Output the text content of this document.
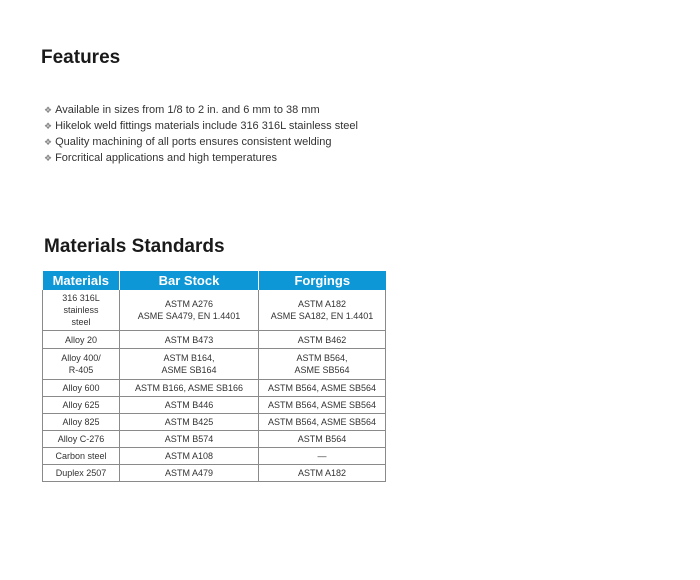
Features
❖ Available in sizes from 1/8 to 2 in. and 6 mm to 38 mm
❖ Hikelok weld fittings materials include 316 316L stainless steel
❖ Quality machining of all ports ensures consistent welding
❖ Forcritical applications and high temperatures
Materials Standards
Materials	Bar Stock	Forgings
316 316L
stainless
steel	ASTM A276
ASME SA479, EN 1.4401	ASTM A182
ASME SA182, EN 1.4401
Alloy 20	ASTM B473	ASTM B462
Alloy 400/
R-405	ASTM B164,
ASME SB164	ASTM B564,
ASME SB564
Alloy 600	ASTM B166, ASME SB166	ASTM B564, ASME SB564
Alloy 625	ASTM B446	ASTM B564, ASME SB564
Alloy 825	ASTM B425	ASTM B564, ASME SB564
Alloy C-276	ASTM B574	ASTM B564
Carbon steel	ASTM A108	—
Duplex 2507	ASTM A479	ASTM A182
